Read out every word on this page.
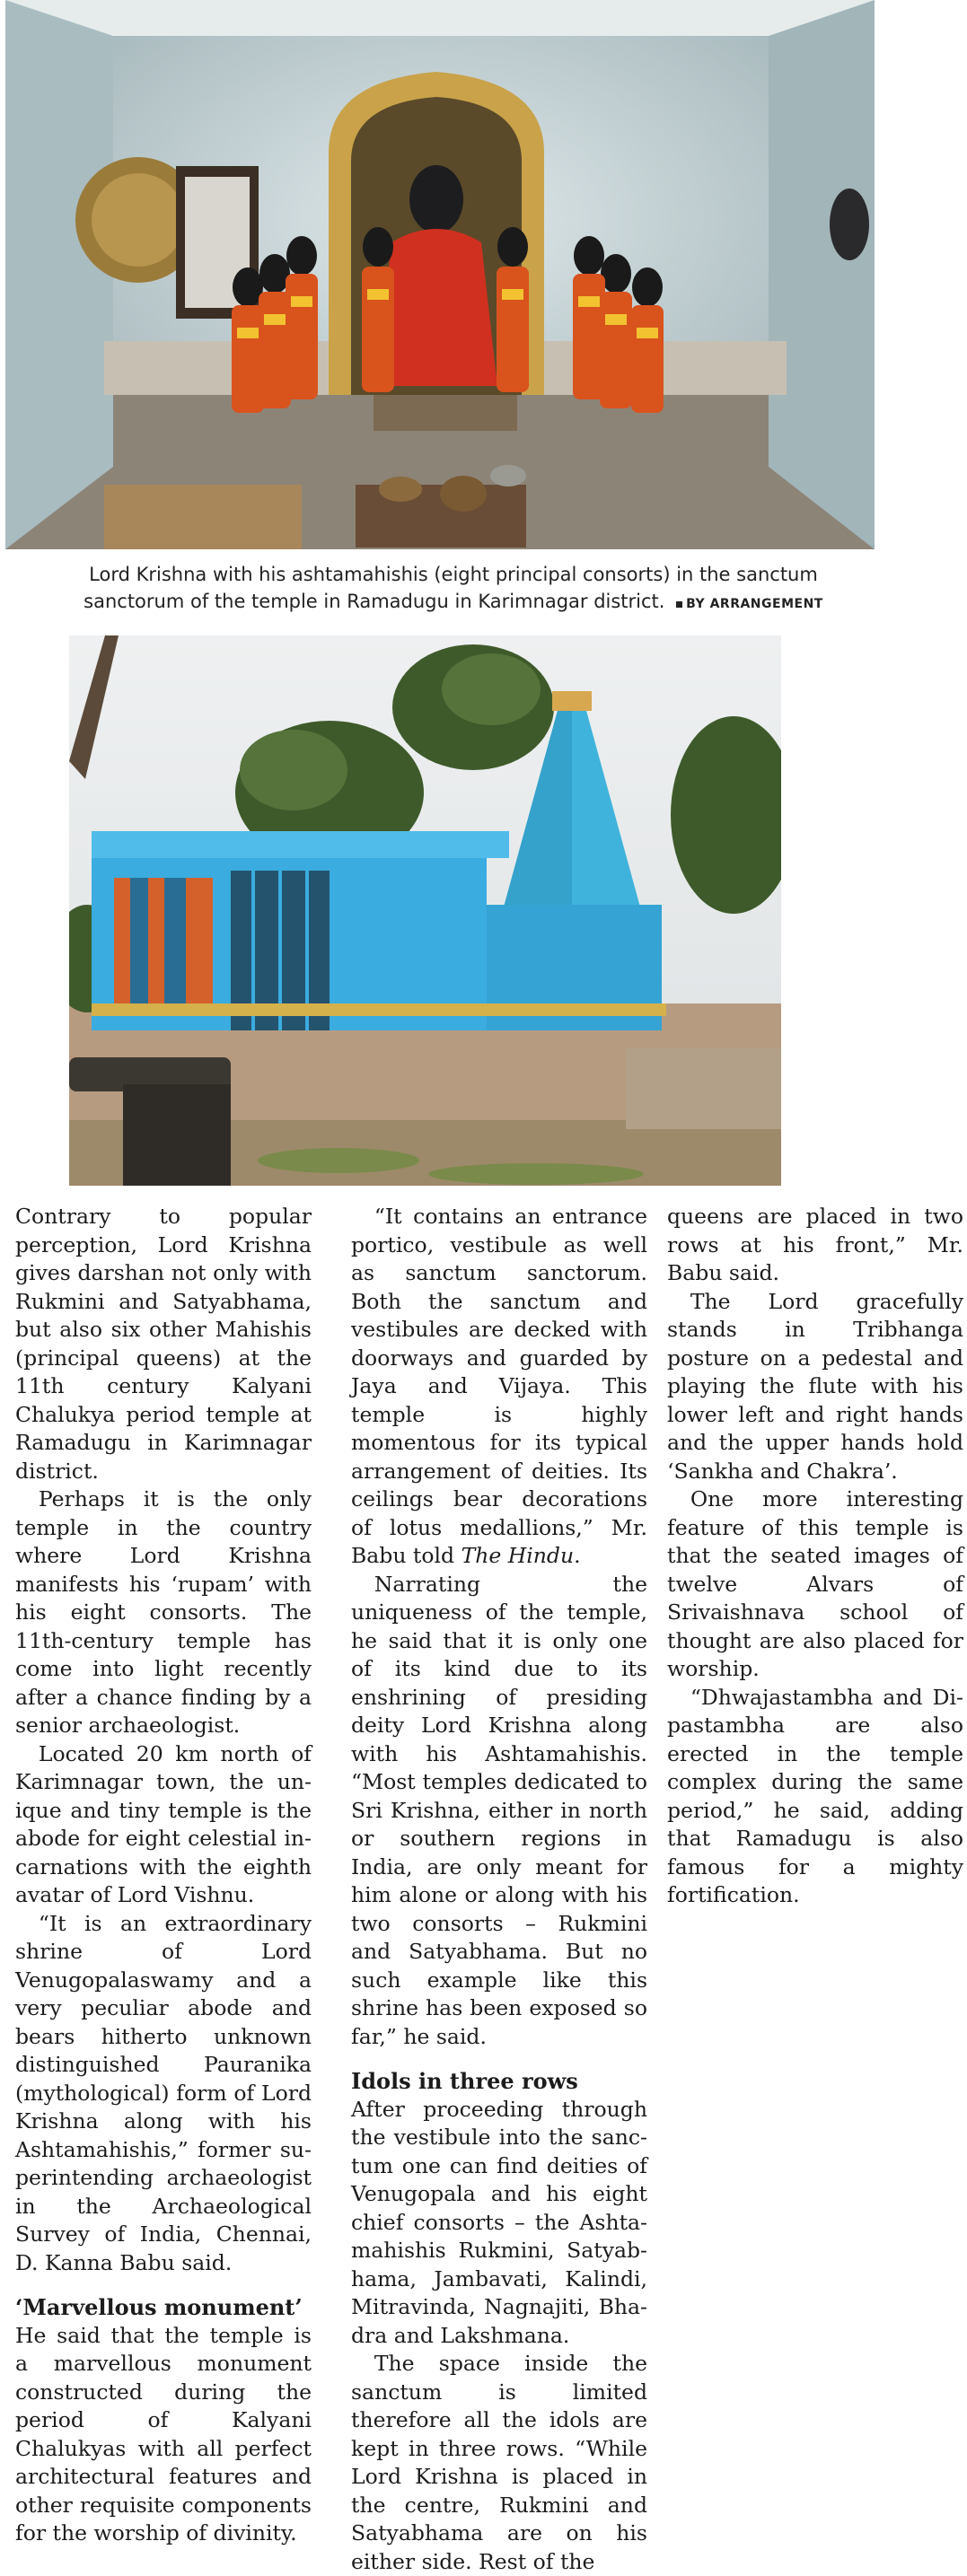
Lord Krishna with his ashtamahishis (eight principal consorts) in the sanctum sanctorum of the temple in Ramadugu in Karimnagar district. BY ARRANGEMENT

Contrary to popular perception, Lord Krishna gives darshan not only with Rukmini and Satyabhama, but also six other Mahishis (principal queens) at the 11th century Kalyani Chalukya period temple at Ramadugu in Karimnagar district.

Perhaps it is the only temple in the country where Lord Krishna manifests his ‘rupam’ with his eight consorts. The 11th-century temple has come into light recently after a chance finding by a senior archaeologist.

Located 20 km north of Karimnagar town, the unique and tiny temple is the abode for eight celestial incarnations with the eighth avatar of Lord Vishnu.

“It is an extraordinary shrine of Lord Venugopalaswamy and a very peculiar abode and bears hitherto unknown distinguished Pauranika (mythological) form of Lord Krishna along with his Ashtamahishis,” former superintending archaeologist in the Archaeological Survey of India, Chennai, D. Kanna Babu said.

‘Marvellous monument’

He said that the temple is a marvellous monument constructed during the period of Kalyani Chalukyas with all perfect architectural features and other requisite components for the worship of divinity.

“It contains an entrance portico, vestibule as well as sanctum sanctorum. Both the sanctum and vestibules are decked with doorways and guarded by Jaya and Vijaya. This temple is highly momentous for its typical arrangement of deities. Its ceilings bear decorations of lotus medallions,” Mr. Babu told The Hindu.

Narrating the uniqueness of the temple, he said that it is only one of its kind due to its enshrining of presiding deity Lord Krishna along with his Ashtamahishis. “Most temples dedicated to Sri Krishna, either in north or southern regions in India, are only meant for him alone or along with his two consorts – Rukmini and Satyabhama. But no such example like this shrine has been exposed so far,” he said.

Idols in three rows

After proceeding through the vestibule into the sanctum one can find deities of Venugopala and his eight chief consorts – the Ashtamahishis Rukmini, Satyabhama, Jambavati, Kalindi, Mitravinda, Nagnajiti, Bhadra and Lakshmana.

The space inside the sanctum is limited therefore all the idols are kept in three rows. “While Lord Krishna is placed in the centre, Rukmini and Satyabhama are on his either side. Rest of the

queens are placed in two rows at his front,” Mr. Babu said.

The Lord gracefully stands in Tribhanga posture on a pedestal and playing the flute with his lower left and right hands and the upper hands hold ‘Sankha and Chakra’.

One more interesting feature of this temple is that the seated images of twelve Alvars of Srivaishnava school of thought are also placed for worship.

“Dhwajastambha and Dipastambha are also erected in the temple complex during the same period,” he said, adding that Ramadugu is also famous for a mighty fortification.
